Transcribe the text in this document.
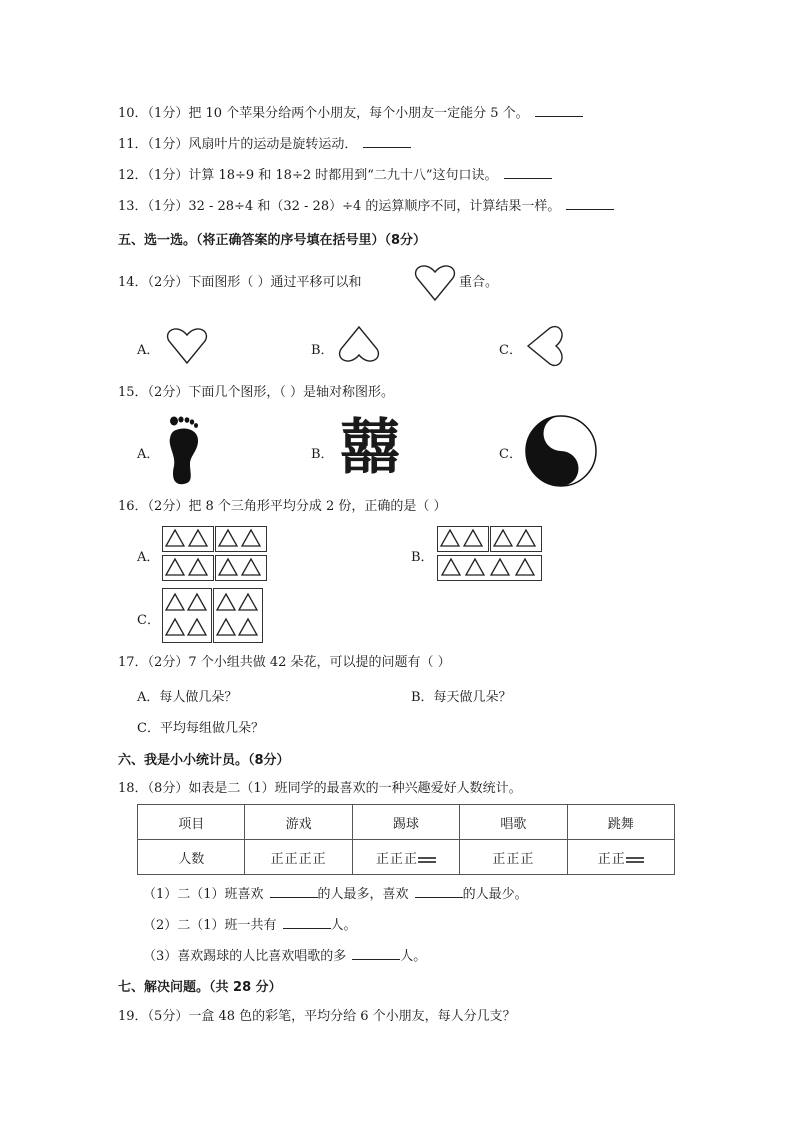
10．（1分）把 10 个苹果分给两个小朋友，每个小朋友一定能分 5 个。
11．（1分）风扇叶片的运动是旋转运动．
12．（1分）计算 18÷9 和 18÷2 时都用到“二九十八”这句口诀。
13．（1分）32 - 28÷4 和（32 - 28）÷4 的运算顺序不同，计算结果一样。
五、选一选。（将正确答案的序号填在括号里）（8分）
14．（2分）下面图形（ ）通过平移可以和	重合。
A．	B．	C．
15．（2分）下面几个图形，（ ）是轴对称图形。
A．	B． 囍	C．
16．（2分）把 8 个三角形平均分成 2 份，正确的是（ ）
A．	B．
C．
17．（2分）7 个小组共做 42 朵花，可以提的问题有（ ）
A．每人做几朵？	B．每天做几朵？
C．平均每组做几朵？
六、我是小小统计员。（8分）
18．（8分）如表是二（1）班同学的最喜欢的一种兴趣爱好人数统计。
项目	游戏	踢球	唱歌	跳舞
人数	正正正正	正正正	正正正	正正
（1）二（1）班喜欢	的人最多，喜欢	的人最少。
（2）二（1）班一共有	人。
（3）喜欢踢球的人比喜欢唱歌的多	人。
七、解决问题。（共 28 分）
19．（5分）一盒 48 色的彩笔，平均分给 6 个小朋友，每人分几支？
